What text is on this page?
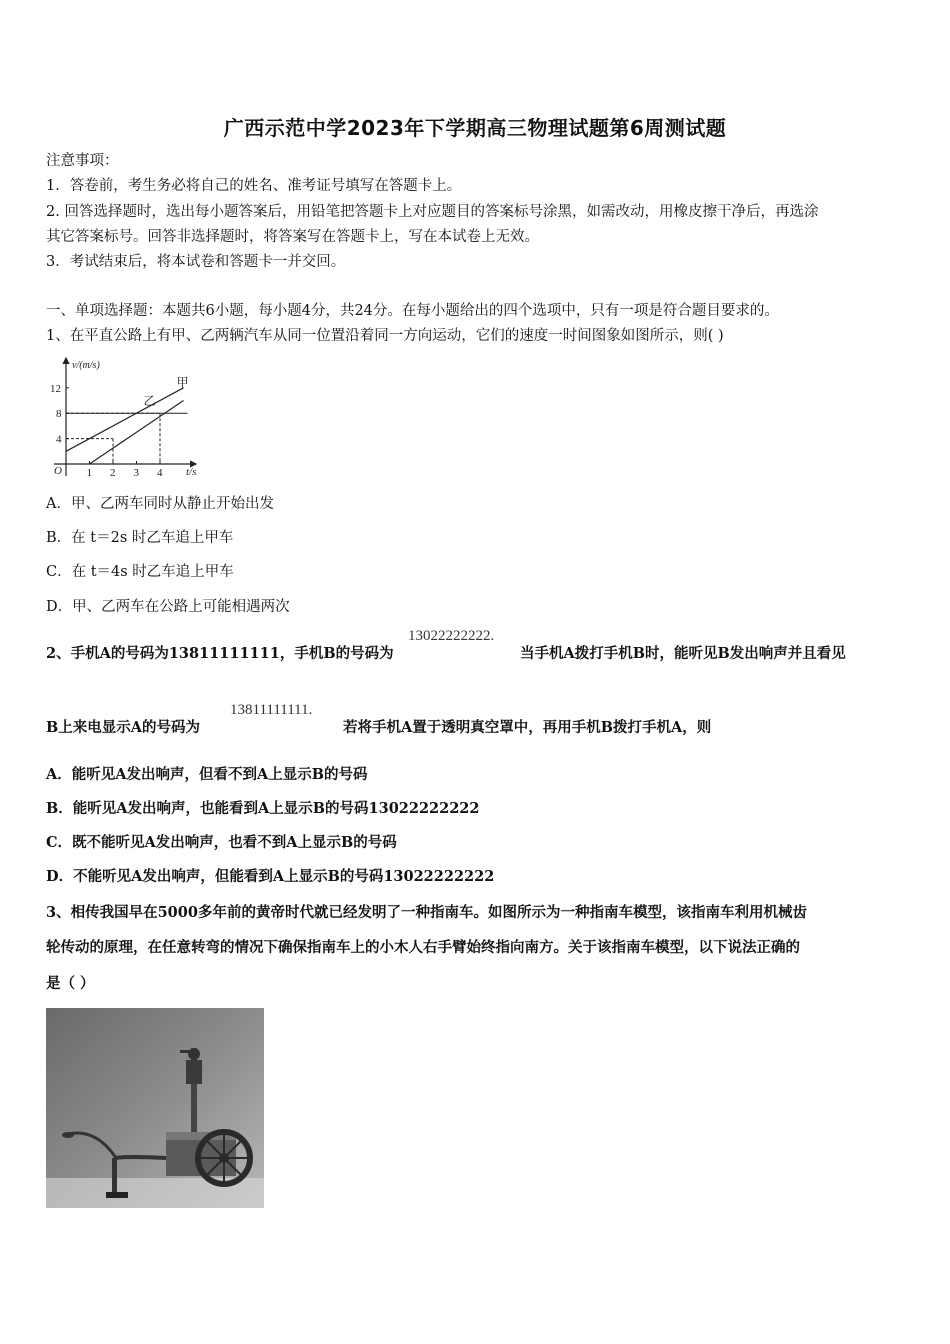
广西示范中学2023年下学期高三物理试题第6周测试题
注意事项：
1．答卷前，考生务必将自己的姓名、准考证号填写在答题卡上。
2. 回答选择题时，选出每小题答案后，用铅笔把答题卡上对应题目的答案标号涂黑，如需改动，用橡皮擦干净后，再选涂
其它答案标号。回答非选择题时，将答案写在答题卡上，写在本试卷上无效。
3．考试结束后，将本试卷和答题卡一并交回。
一、单项选择题：本题共6小题，每小题4分，共24分。在每小题给出的四个选项中，只有一项是符合题目要求的。
1、在平直公路上有甲、乙两辆汽车从同一位置沿着同一方向运动，它们的速度一时间图象如图所示，则( )
v/(m/s)
t/s
O 1 2 3 4
4
8
12	甲
乙
A．甲、乙两车同时从静止开始出发
B．在 t＝2s 时乙车追上甲车
C．在 t＝4s 时乙车追上甲车
D．甲、乙两车在公路上可能相遇两次
2、手机A的号码为13811111111，手机B的号码为
13022222222.
当手机A拨打手机B时，能听见B发出响声并且看见
B上来电显示A的号码为
13811111111.
若将手机A置于透明真空罩中，再用手机B拨打手机A，则
A．能听见A发出响声，但看不到A上显示B的号码
B．能听见A发出响声，也能看到A上显示B的号码13022222222
C．既不能听见A发出响声，也看不到A上显示B的号码
D．不能听见A发出响声，但能看到A上显示B的号码13022222222
3、相传我国早在5000多年前的黄帝时代就已经发明了一种指南车。如图所示为一种指南车模型，该指南车利用机械齿
轮传动的原理，在任意转弯的情况下确保指南车上的小木人右手臂始终指向南方。关于该指南车模型，以下说法正确的
是（ ）
